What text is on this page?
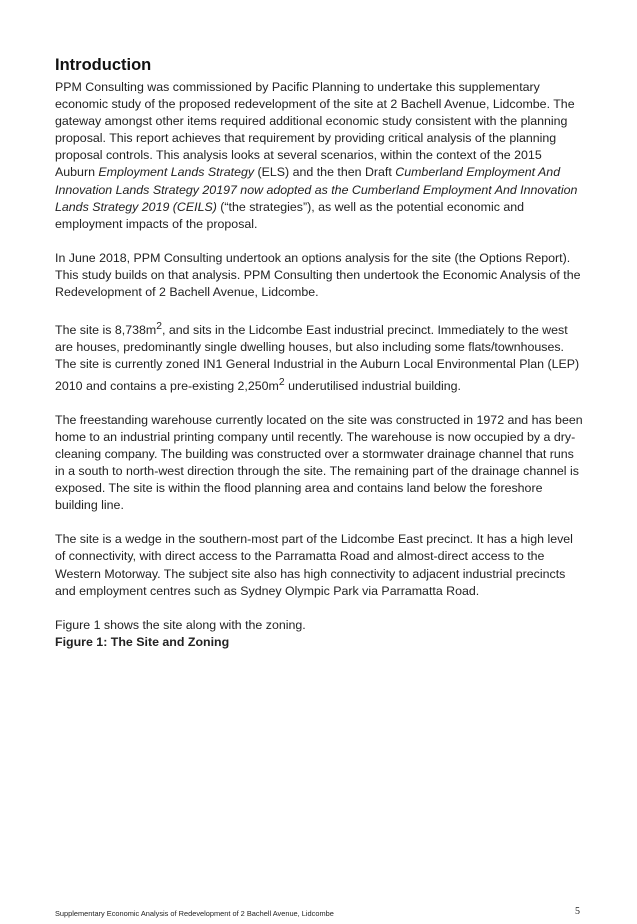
Introduction

PPM Consulting was commissioned by Pacific Planning to undertake this supplementary economic study of the proposed redevelopment of the site at 2 Bachell Avenue, Lidcombe. The gateway amongst other items required additional economic study consistent with the planning proposal. This report achieves that requirement by providing critical analysis of the planning proposal controls. This analysis looks at several scenarios, within the context of the 2015 Auburn Employment Lands Strategy (ELS) and the then Draft Cumberland Employment And Innovation Lands Strategy 20197 now adopted as the Cumberland Employment And Innovation Lands Strategy 2019 (CEILS) (“the strategies”), as well as the potential economic and employment impacts of the proposal.

In June 2018, PPM Consulting undertook an options analysis for the site (the Options Report). This study builds on that analysis. PPM Consulting then undertook the Economic Analysis of the Redevelopment of 2 Bachell Avenue, Lidcombe.

The site is $8,738m^2$, and sits in the Lidcombe East industrial precinct. Immediately to the west are houses, predominantly single dwelling houses, but also including some flats/townhouses. The site is currently zoned IN1 General Industrial in the Auburn Local Environmental Plan (LEP) 2010 and contains a pre-existing $2,250m^2$ underutilised industrial building.

The freestanding warehouse currently located on the site was constructed in 1972 and has been home to an industrial printing company until recently. The warehouse is now occupied by a dry-cleaning company. The building was constructed over a stormwater drainage channel that runs in a south to north-west direction through the site. The remaining part of the drainage channel is exposed. The site is within the flood planning area and contains land below the foreshore building line.

The site is a wedge in the southern-most part of the Lidcombe East precinct. It has a high level of connectivity, with direct access to the Parramatta Road and almost-direct access to the Western Motorway. The subject site also has high connectivity to adjacent industrial precincts and employment centres such as Sydney Olympic Park via Parramatta Road.

Figure 1 shows the site along with the zoning.

Figure 1: The Site and Zoning

Supplementary Economic Analysis of Redevelopment of 2 Bachell Avenue, Lidcombe	5
